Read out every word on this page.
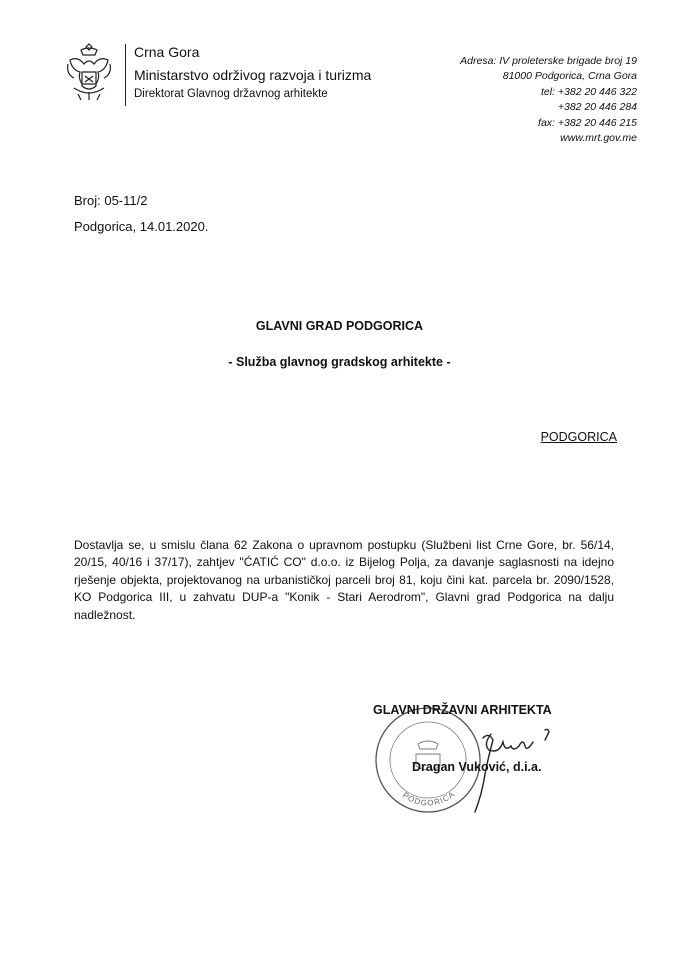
Crna Gora
Ministarstvo održivog razvoja i turizma
Direktorat Glavnog državnog arhitekte
Adresa: IV proleterske brigade broj 19
81000 Podgorica, Crna Gora
tel: +382 20 446 322
+382 20 446 284
fax: +382 20 446 215
www.mrt.gov.me
Broj: 05-11/2
Podgorica, 14.01.2020.
GLAVNI GRAD PODGORICA
- Služba glavnog gradskog arhitekte -
PODGORICA
Dostavlja se, u smislu člana 62 Zakona o upravnom postupku (Službeni list Crne Gore, br. 56/14, 20/15, 40/16 i 37/17), zahtjev "ĆATIĆ CO" d.o.o. iz Bijelog Polja, za davanje saglasnosti na idejno rješenje objekta, projektovanog na urbanističkoj parceli broj 81, koju čini kat. parcela br. 2090/1528, KO Podgorica III, u zahvatu DUP-a "Konik - Stari Aerodrom", Glavni grad Podgorica na dalju nadležnost.
PODGORICA
GLAVNI DRŽAVNI ARHITEKTA
Dragan Vuković, d.i.a.
